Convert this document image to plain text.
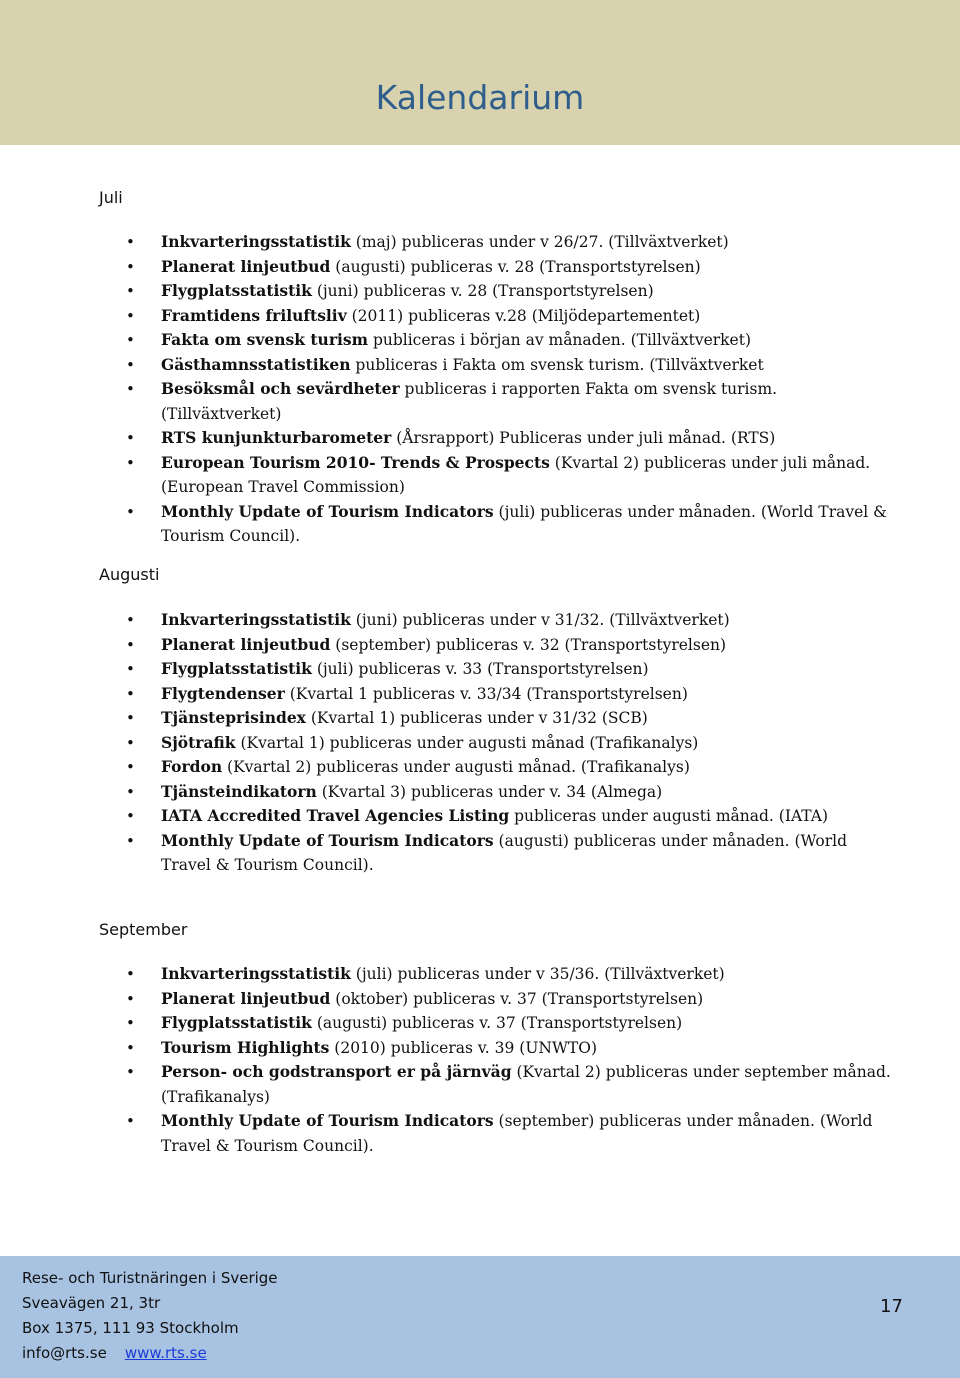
Kalendarium
Juli
• Inkvarteringsstatistik (maj) publiceras under v 26/27. (Tillväxtverket)
• Planerat linjeutbud (augusti) publiceras v. 28 (Transportstyrelsen)
• Flygplatsstatistik (juni) publiceras v. 28 (Transportstyrelsen)
• Framtidens friluftsliv (2011) publiceras v.28 (Miljödepartementet)
• Fakta om svensk turism publiceras i början av månaden. (Tillväxtverket)
• Gästhamnsstatistiken publiceras i Fakta om svensk turism. (Tillväxtverket
• Besöksmål och sevärdheter publiceras i rapporten Fakta om svensk turism. (Tillväxtverket)
• RTS kunjunkturbarometer (Årsrapport) Publiceras under juli månad. (RTS)
• European Tourism 2010- Trends & Prospects (Kvartal 2) publiceras under juli månad. (European Travel Commission)
• Monthly Update of Tourism Indicators (juli) publiceras under månaden. (World Travel & Tourism Council).
Augusti
• Inkvarteringsstatistik (juni) publiceras under v 31/32. (Tillväxtverket)
• Planerat linjeutbud (september) publiceras v. 32 (Transportstyrelsen)
• Flygplatsstatistik (juli) publiceras v. 33 (Transportstyrelsen)
• Flygtendenser (Kvartal 1 publiceras v. 33/34 (Transportstyrelsen)
• Tjänsteprisindex (Kvartal 1) publiceras under v 31/32 (SCB)
• Sjötrafik (Kvartal 1) publiceras under augusti månad (Trafikanalys)
• Fordon (Kvartal 2) publiceras under augusti månad. (Trafikanalys)
• Tjänsteindikatorn (Kvartal 3) publiceras under v. 34 (Almega)
• IATA Accredited Travel Agencies Listing publiceras under augusti månad. (IATA)
• Monthly Update of Tourism Indicators (augusti) publiceras under månaden. (World Travel & Tourism Council).
September
• Inkvarteringsstatistik (juli) publiceras under v 35/36. (Tillväxtverket)
• Planerat linjeutbud (oktober) publiceras v. 37 (Transportstyrelsen)
• Flygplatsstatistik (augusti) publiceras v. 37 (Transportstyrelsen)
• Tourism Highlights (2010) publiceras v. 39 (UNWTO)
• Person- och godstransport er på järnväg (Kvartal 2) publiceras under september månad. (Trafikanalys)
• Monthly Update of Tourism Indicators (september) publiceras under månaden. (World Travel & Tourism Council).
Rese- och Turistnäringen i Sverige
Sveavägen 21, 3tr
Box 1375, 111 93 Stockholm
info@rts.se www.rts.se
17
